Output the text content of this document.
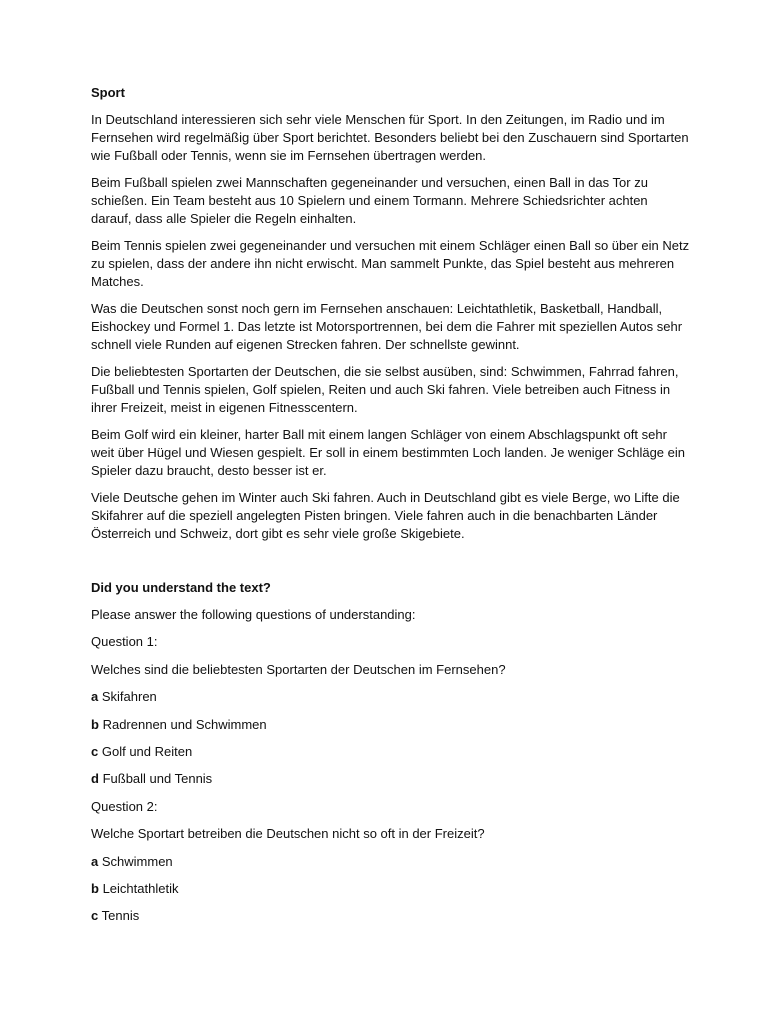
Sport

In Deutschland interessieren sich sehr viele Menschen für Sport. In den Zeitungen, im Radio und im Fernsehen wird regelmäßig über Sport berichtet. Besonders beliebt bei den Zuschauern sind Sportarten wie Fußball oder Tennis, wenn sie im Fernsehen übertragen werden.

Beim Fußball spielen zwei Mannschaften gegeneinander und versuchen, einen Ball in das Tor zu schießen. Ein Team besteht aus 10 Spielern und einem Tormann. Mehrere Schiedsrichter achten darauf, dass alle Spieler die Regeln einhalten.

Beim Tennis spielen zwei gegeneinander und versuchen mit einem Schläger einen Ball so über ein Netz zu spielen, dass der andere ihn nicht erwischt. Man sammelt Punkte, das Spiel besteht aus mehreren Matches.

Was die Deutschen sonst noch gern im Fernsehen anschauen: Leichtathletik, Basketball, Handball, Eishockey und Formel 1. Das letzte ist Motorsportrennen, bei dem die Fahrer mit speziellen Autos sehr schnell viele Runden auf eigenen Strecken fahren. Der schnellste gewinnt.

Die beliebtesten Sportarten der Deutschen, die sie selbst ausüben, sind: Schwimmen, Fahrrad fahren, Fußball und Tennis spielen, Golf spielen, Reiten und auch Ski fahren. Viele betreiben auch Fitness in ihrer Freizeit, meist in eigenen Fitnesscentern.

Beim Golf wird ein kleiner, harter Ball mit einem langen Schläger von einem Abschlagspunkt oft sehr weit über Hügel und Wiesen gespielt. Er soll in einem bestimmten Loch landen. Je weniger Schläge ein Spieler dazu braucht, desto besser ist er.

Viele Deutsche gehen im Winter auch Ski fahren. Auch in Deutschland gibt es viele Berge, wo Lifte die Skifahrer auf die speziell angelegten Pisten bringen. Viele fahren auch in die benachbarten Länder Österreich und Schweiz, dort gibt es sehr viele große Skigebiete.

Did you understand the text?

Please answer the following questions of understanding:

Question 1:

Welches sind die beliebtesten Sportarten der Deutschen im Fernsehen?

a Skifahren

b Radrennen und Schwimmen

c Golf und Reiten

d Fußball und Tennis

Question 2:

Welche Sportart betreiben die Deutschen nicht so oft in der Freizeit?

a Schwimmen

b Leichtathletik

c Tennis
